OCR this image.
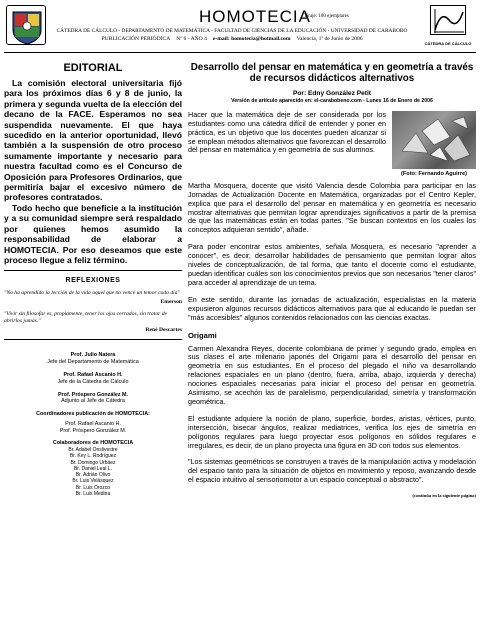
HOMOTECIA
Tiraje: 100 ejemplares
CÁTEDRA DE CÁLCULO - DEPARTAMENTO DE MATEMÁTICA - FACULTAD DE CIENCIAS DE LA EDUCACIÓN - UNIVERSIDAD DE CARABOBO
PUBLICACIÓN PERIÓDICA Nº 6 - AÑO 4 e-mail: homotecia@hotmail.com Valencia, 1º de Junio de 2006
CÁTEDRA DE CÁLCULO
EDITORIAL

La comisión electoral universitaria fijó para los próximos días 6 y 8 de junio, la primera y segunda vuelta de la elección del decano de la FACE. Esperamos no sea suspendida nuevamente. El que haya sucedido en la anterior oportunidad, llevó también a la suspensión de otro proceso sumamente importante y necesario para nuestra facultad como es el Concurso de Oposición para Profesores Ordinarios, que permitiría bajar el excesivo número de profesores contratados.

Todo hecho que beneficie a la institución y a su comunidad siempre será respaldado por quienes hemos asumido la responsabilidad de elaborar a HOMOTECIA. Por eso deseamos que este proceso llegue a feliz término.

REFLEXIONES
"No ha aprendido la lección de la vida aquel que no vence un temor cada día"
Emerson
"Vivir sin filosofar es, propiamente, tener los ojos cerrados, sin tratar de abrirlos jamás."
René Descartes
Prof. Julio Natera
Jefe del Departamento de Matemática
Prof. Rafael Ascanio H.
Jefe de la Cátedra de Cálculo
Prof. Próspero González M.
Adjunto al Jefe de Cátedra
Coordinadores publicación de HOMOTECIA:
Prof. Rafael Ascanio H.
Prof. Próspero González M.
Colaboradores de HOMOTECIA
Br. Adabel Onslivestre
Br. Key L. Rodríguez
Br. Domingo Urbáez
Br. Daniel Leal L.
Br. Adrián Olivo
Br. Luis Velásquez
Br. Luis Orozco
Br. Luis Medina
Desarrollo del pensar en matemática y en geometría a través de recursos didácticos alternativos
Por: Edny González Petit
Versión de artículo aparecido en: el-carabobeno.com - Lunes 16 de Enero de 2006
Hacer que la matemática deje de ser considerada por los estudiantes como una cátedra difícil de entender y poner en práctica, es un objetivo que los docentes pueden alcanzar si se emplean métodos alternativos que favorezcan el desarrollo del pensar en matemática y en geometría de sus alumnos.
(Foto: Fernando Aguirre)

Martha Mosquera, docente que visitó Valencia desde Colombia para participar en las Jornadas de Actualización Docente en Matemática, organizadas por el Centro Kepler, explica que para el desarrollo del pensar en matemática y en geometría es necesario mostrar alternativas que permitan lograr aprendizajes significativos a partir de la premisa de que las matemáticas están en todas partes. "Se buscan contextos en los cuales los conceptos adquieran sentido", añade.

Para poder encontrar estos ambientes, señala Mosquera, es necesario "aprender a conocer", es decir, desarrollar habilidades de pensamiento que permitan lograr altos niveles de conceptualización, de tal forma, que tanto el docente como el estudiante, puedan identificar cuáles son los conocimientos previos que son necesarios "tener claros" para acceder al aprendizaje de un tema.

En este sentido, durante las jornadas de actualización, especialistas en la materia expusieron algunos recursos didácticos alternativos para que al educando le puedan ser "más accesibles" algunos contenidos relacionados con las ciencias exactas.

Origami

Carmen Alexandra Reyes, docente colombiana de primer y segundo grado, emplea en sus clases el arte milenario japonés del Origami para el desarrollo del pensar en geometría en sus estudiantes. En el proceso del plegado el niño va desarrollando relaciones espaciales en un plano (dentro, fuera, arriba, abajo, izquierda y derecha) nociones espaciales necesarias para iniciar el proceso del pensar en geometría. Asimismo, se acechón las de paralelismo, perpendicularidad, simetría y transformación geométrica.

El estudiante adquiere la noción de plano, superficie, bordes, aristas, vértices, punto, intersección, bisecar ángulos, realizar mediatrices, verifica los ejes de simetría en polígonos regulares para luego proyectar esos polígonos en sólidos regulares e irregulares, es decir, de un plano proyecta una figura en 3D con todos sus elementos.

"Los sistemas geométricos se construyen a través de la manipulación activa y modelación del espacio tanto para la situación de objetos en movimiento y reposo, avanzando desde el espacio intuitivo al sensoriomotor a un espacio conceptual o abstracto".

(continúa en la siguiente página)
